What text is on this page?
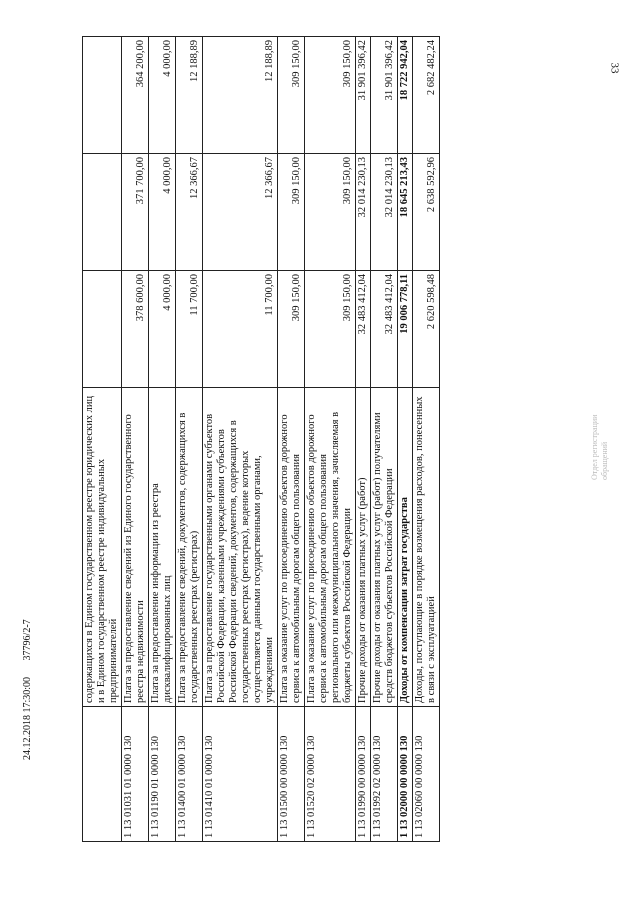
33
	содержащихся в Едином государственном реестре юридических лиц и в Едином государственном реестре индивидуальных предпринимателей			
1 13 01031 01 0000 130	Плата за предоставление сведений из Единого государственного реестра недвижимости	378 600,00	371 700,00	364 200,00
1 13 01190 01 0000 130	Плата за предоставление информации из реестра дисквалифицированных лиц	4 000,00	4 000,00	4 000,00
1 13 01400 01 0000 130	Плата за предоставление сведений, документов, содержащихся в государственных реестрах (регистрах)	11 700,00	12 366,67	12 188,89
1 13 01410 01 0000 130	Плата за предоставление государственными органами субъектов Российской Федерации, казенными учреждениями субъектов Российской Федерации сведений, документов, содержащихся в государственных реестрах (регистрах), ведение которых осуществляется данными государственными органами, учреждениями	11 700,00	12 366,67	12 188,89
1 13 01500 00 0000 130	Плата за оказание услуг по присоединению объектов дорожного сервиса к автомобильным дорогам общего пользования	309 150,00	309 150,00	309 150,00
1 13 01520 02 0000 130	Плата за оказание услуг по присоединению объектов дорожного сервиса к автомобильным дорогам общего пользования регионального или межмуниципального значения, зачисляемая в бюджеты субъектов Российской Федерации	309 150,00	309 150,00	309 150,00
1 13 01990 00 0000 130	Прочие доходы от оказания платных услуг (работ)	32 483 412,04	32 014 230,13	31 901 396,42
1 13 01992 02 0000 130	Прочие доходы от оказания платных услуг (работ) получателями средств бюджетов субъектов Российской Федерации	32 483 412,04	32 014 230,13	31 901 396,42
1 13 02000 00 0000 130	Доходы от компенсации затрат государства	19 006 778,11	18 645 213,43	18 722 942,04
1 13 02060 00 0000 130	Доходы, поступающие в порядке возмещения расходов, понесенных в связи с эксплуатацией	2 620 598,48	2 638 592,96	2 682 482,24
24.12.2018 17:30:00 37796/2-7
Отдел регистрации обращений
